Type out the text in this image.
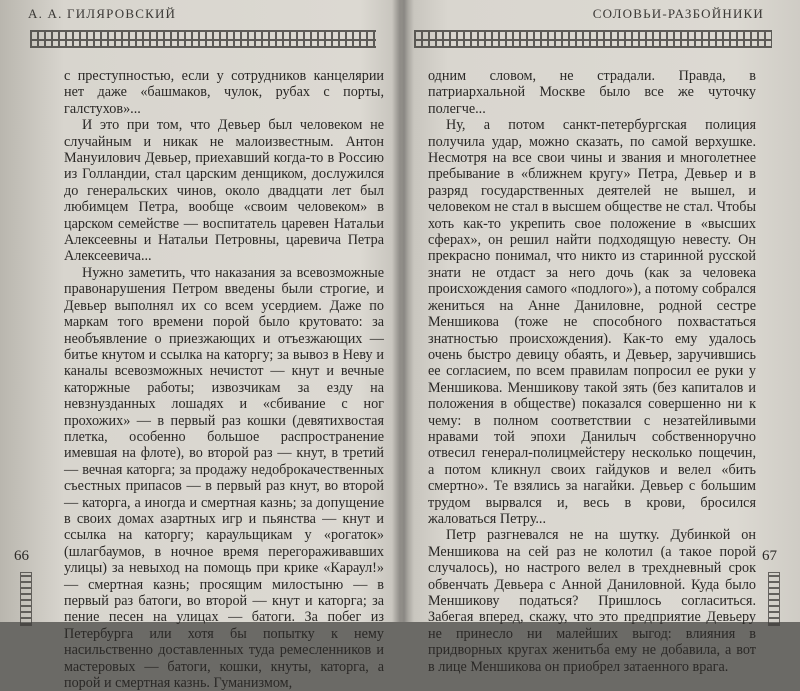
А. А. ГИЛЯРОВСКИЙ

с преступностью, если у сотрудников канцелярии нет даже «башмаков, чулок, рубах с порты, галстухов»...

И это при том, что Девьер был человеком не случайным и никак не малоизвестным. Антон Мануилович Девьер, приехавший когда-то в Россию из Голландии, стал царским денщиком, дослужился до генеральских чинов, около двадцати лет был любимцем Петра, вообще «своим человеком» в царском семействе — воспитатель царевен Натальи Алексеевны и Натальи Петровны, царевича Петра Алексеевича...

Нужно заметить, что наказания за всевозможные правонарушения Петром введены были строгие, и Девьер выполнял их со всем усердием. Даже по маркам того времени порой было крутовато: за необъявление о приезжающих и отъезжающих — битье кнутом и ссылка на каторгу; за вывоз в Неву и каналы всевозможных нечистот — кнут и вечные каторжные работы; извозчикам за езду на невзнузданных лошадях и «сбивание с ног прохожих» — в первый раз кошки (девятихвостая плетка, особенно большое распространение имевшая на флоте), во второй раз — кнут, в третий — вечная каторга; за продажу недоброкачественных съестных припасов — в первый раз кнут, во второй — каторга, а иногда и смертная казнь; за допущение в своих домах азартных игр и пьянства — кнут и ссылка на каторгу; караульщикам у «рогаток» (шлагбаумов, в ночное время перегораживавших улицы) за невыход на помощь при крике «Караул!» — смертная казнь; просящим милостыню — в первый раз батоги, во второй — кнут и каторга; за пение песен на улицах — батоги. За побег из Петербурга или хотя бы попытку к нему насильственно доставленных туда ремесленников и мастеровых — батоги, кошки, кнуты, каторга, а порой и смертная казнь. Гуманизмом,

66
СОЛОВЬИ-РАЗБОЙНИКИ

одним словом, не страдали. Правда, в патриархальной Москве было все же чуточку полегче...

Ну, а потом санкт-петербургская полиция получила удар, можно сказать, по самой верхушке. Несмотря на все свои чины и звания и многолетнее пребывание в «ближнем кругу» Петра, Девьер и в разряд государственных деятелей не вышел, и человеком не стал в высшем обществе не стал. Чтобы хоть как-то укрепить свое положение в «высших сферах», он решил найти подходящую невесту. Он прекрасно понимал, что никто из старинной русской знати не отдаст за него дочь (как за человека происхождения самого «подлого»), а потому собрался жениться на Анне Даниловне, родной сестре Меншикова (тоже не способного похвастаться знатностью происхождения). Как-то ему удалось очень быстро девицу обаять, и Девьер, заручившись ее согласием, по всем правилам попросил ее руки у Меншикова. Меншикову такой зять (без капиталов и положения в обществе) показался совершенно ни к чему: в полном соответствии с незатейливыми нравами той эпохи Данилыч собственноручно отвесил генерал-полицмейстеру несколько пощечин, а потом кликнул своих гайдуков и велел «бить смертно». Те взялись за нагайки. Девьер с большим трудом вырвался и, весь в крови, бросился жаловаться Петру...

Петр разгневался не на шутку. Дубинкой он Меншикова на сей раз не колотил (а такое порой случалось), но настрого велел в трехдневный срок обвенчать Девьера с Анной Даниловной. Куда было Меншикову податься? Пришлось согласиться. Забегая вперед, скажу, что это предприятие Девьеру не принесло ни малейших выгод: влияния в придворных кругах женитьба ему не добавила, а вот в лице Меншикова он приобрел затаенного врага.

67
